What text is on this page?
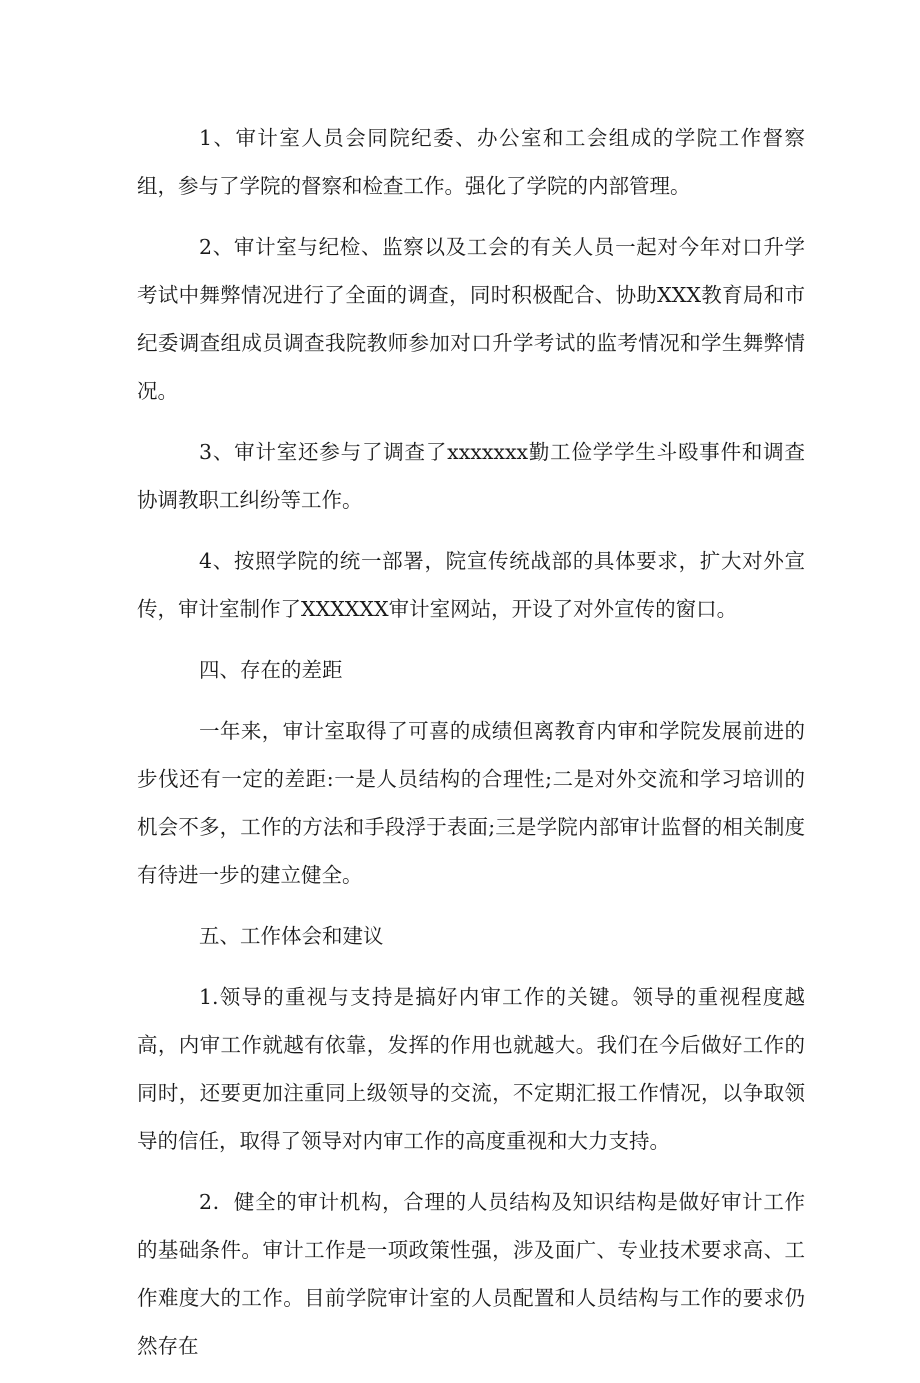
1、审计室人员会同院纪委、办公室和工会组成的学院工作督察组，参与了学院的督察和检查工作。强化了学院的内部管理。

2、审计室与纪检、监察以及工会的有关人员一起对今年对口升学考试中舞弊情况进行了全面的调查，同时积极配合、协助XXX教育局和市纪委调查组成员调查我院教师参加对口升学考试的监考情况和学生舞弊情况。

3、审计室还参与了调查了xxxxxxx勤工俭学学生斗殴事件和调查协调教职工纠纷等工作。

4、按照学院的统一部署，院宣传统战部的具体要求，扩大对外宣传，审计室制作了XXXXXX审计室网站，开设了对外宣传的窗口。

四、存在的差距

一年来，审计室取得了可喜的成绩但离教育内审和学院发展前进的步伐还有一定的差距:一是人员结构的合理性;二是对外交流和学习培训的机会不多，工作的方法和手段浮于表面;三是学院内部审计监督的相关制度有待进一步的建立健全。

五、工作体会和建议

1.领导的重视与支持是搞好内审工作的关键。领导的重视程度越高，内审工作就越有依靠，发挥的作用也就越大。我们在今后做好工作的同时，还要更加注重同上级领导的交流，不定期汇报工作情况，以争取领导的信任，取得了领导对内审工作的高度重视和大力支持。

2．健全的审计机构，合理的人员结构及知识结构是做好审计工作的基础条件。审计工作是一项政策性强，涉及面广、专业技术要求高、工作难度大的工作。目前学院审计室的人员配置和人员结构与工作的要求仍然存在
